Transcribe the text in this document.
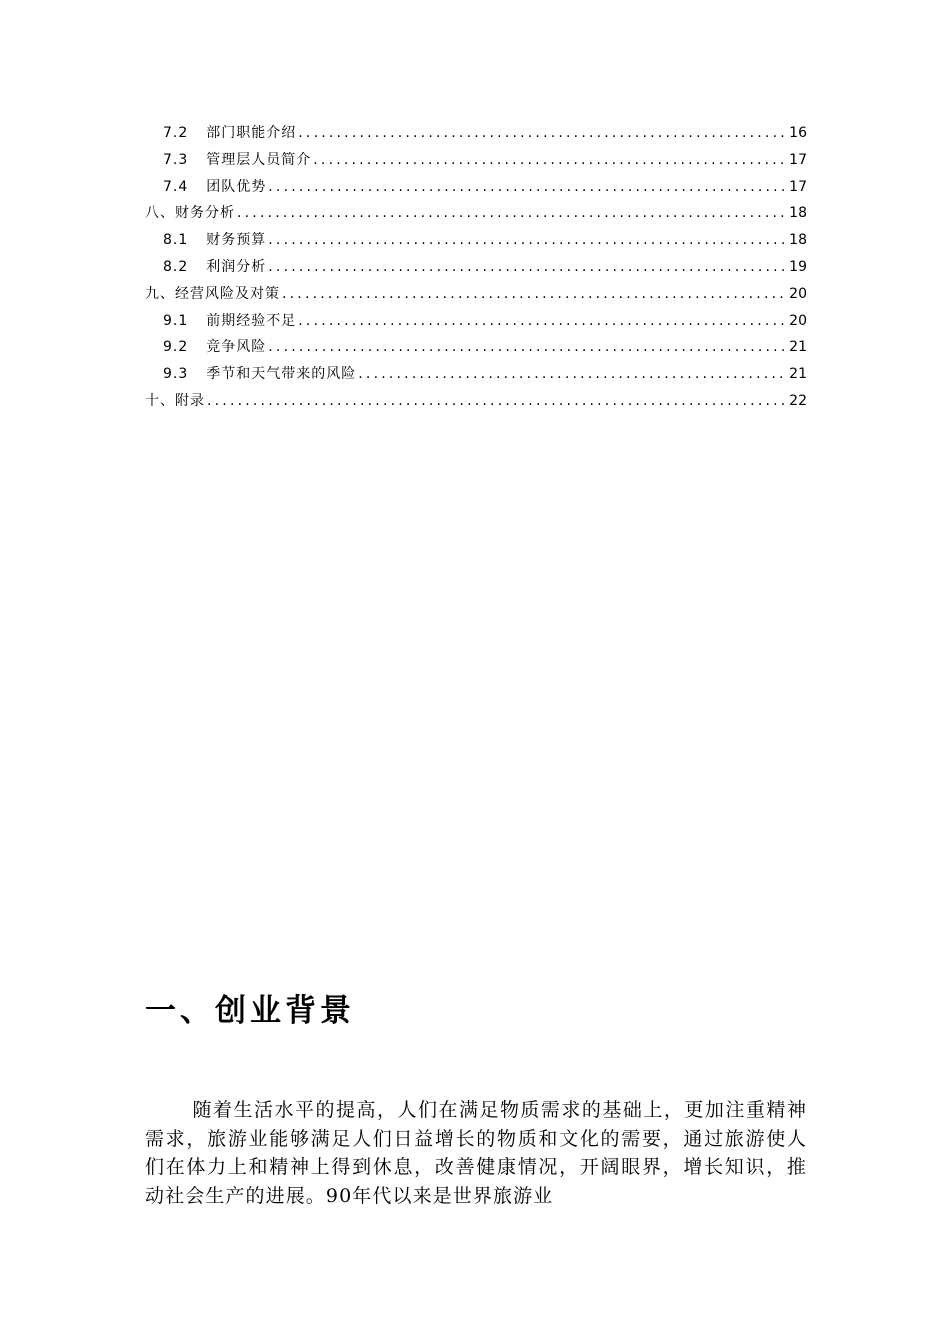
7.2 部门职能介绍 .....	16
7.3 管理层人员简介 .....	17
7.4 团队优势 .....	17
八、财务分析 .....	18
8.1 财务预算 .....	18
8.2 利润分析 .....	19
九、经营风险及对策 .....	20
9.1 前期经验不足 .....	20
9.2 竞争风险 .....	21
9.3 季节和天气带来的风险 .....	21
十、附录 .....	22
一、创业背景

随着生活水平的提高，人们在满足物质需求的基础上，更加注重精神需求，旅游业能够满足人们日益增长的物质和文化的需要，通过旅游使人们在体力上和精神上得到休息，改善健康情况，开阔眼界，增长知识，推动社会生产的进展。90年代以来是世界旅游业
